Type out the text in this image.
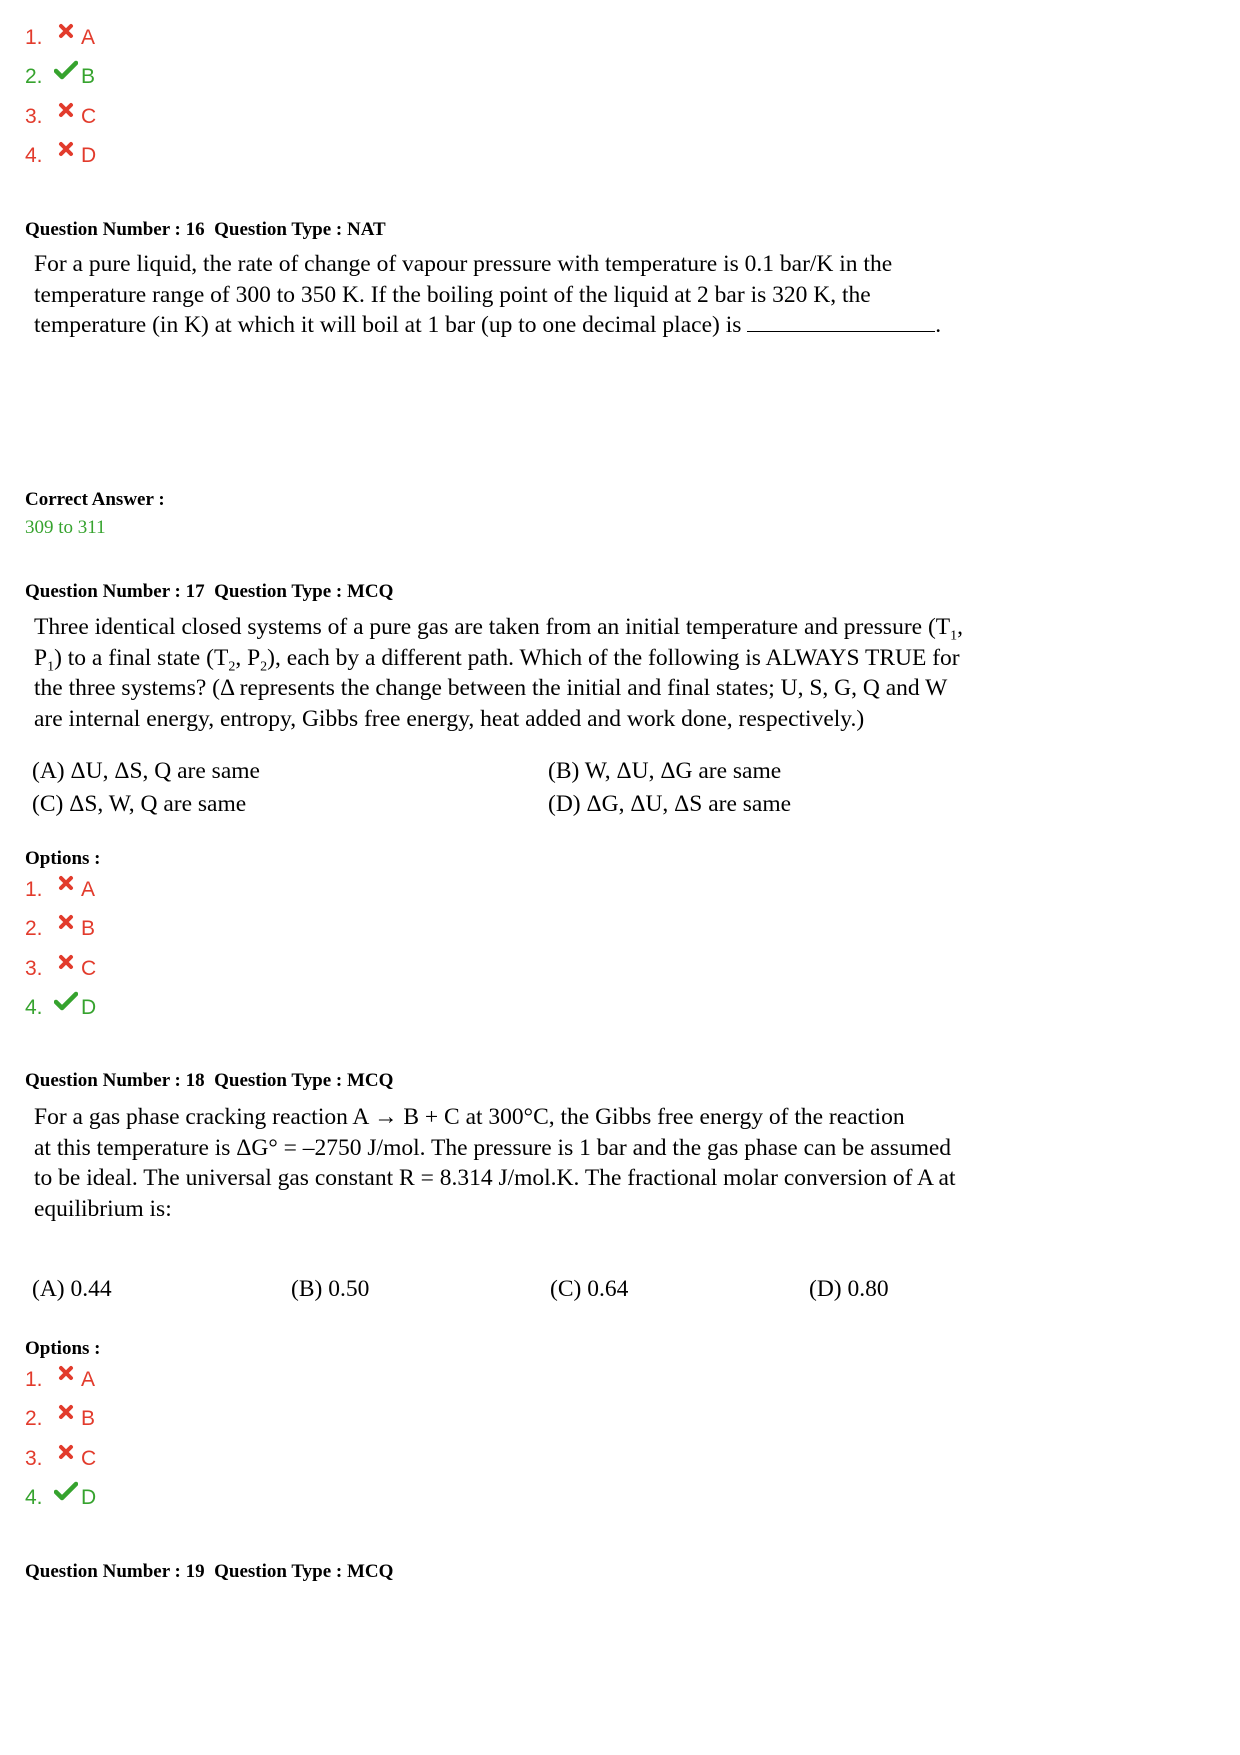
1.	A
2.	B
3.	C
4.	D
Question Number : 16  Question Type : NAT
For a pure liquid, the rate of change of vapour pressure with temperature is 0.1 bar/K in the
temperature range of 300 to 350 K. If the boiling point of the liquid at 2 bar is 320 K, the
temperature (in K) at which it will boil at 1 bar (up to one decimal place) is	.
Correct Answer :
309 to 311
Question Number : 17  Question Type : MCQ
Three identical closed systems of a pure gas are taken from an initial temperature and pressure ($T_1$,
$P_1$) to a final state ($T_2$, $P_2$), each by a different path. Which of the following is ALWAYS TRUE for
the three systems? (Δ represents the change between the initial and final states; U, S, G, Q and W
are internal energy, entropy, Gibbs free energy, heat added and work done, respectively.)
(A) ΔU, ΔS, Q are same	(B) W, ΔU, ΔG are same
(C) ΔS, W, Q are same	(D) ΔG, ΔU, ΔS are same
Options :
1.	A
2.	B
3.	C
4.	D
Question Number : 18  Question Type : MCQ
For a gas phase cracking reaction A → B + C at 300°C, the Gibbs free energy of the reaction
at this temperature is ΔG° = –2750 J/mol. The pressure is 1 bar and the gas phase can be assumed
to be ideal. The universal gas constant R = 8.314 J/mol.K. The fractional molar conversion of A at
equilibrium is:
(A) 0.44	(B) 0.50	(C) 0.64	(D) 0.80
Options :
1.	A
2.	B
3.	C
4.	D
Question Number : 19  Question Type : MCQ
